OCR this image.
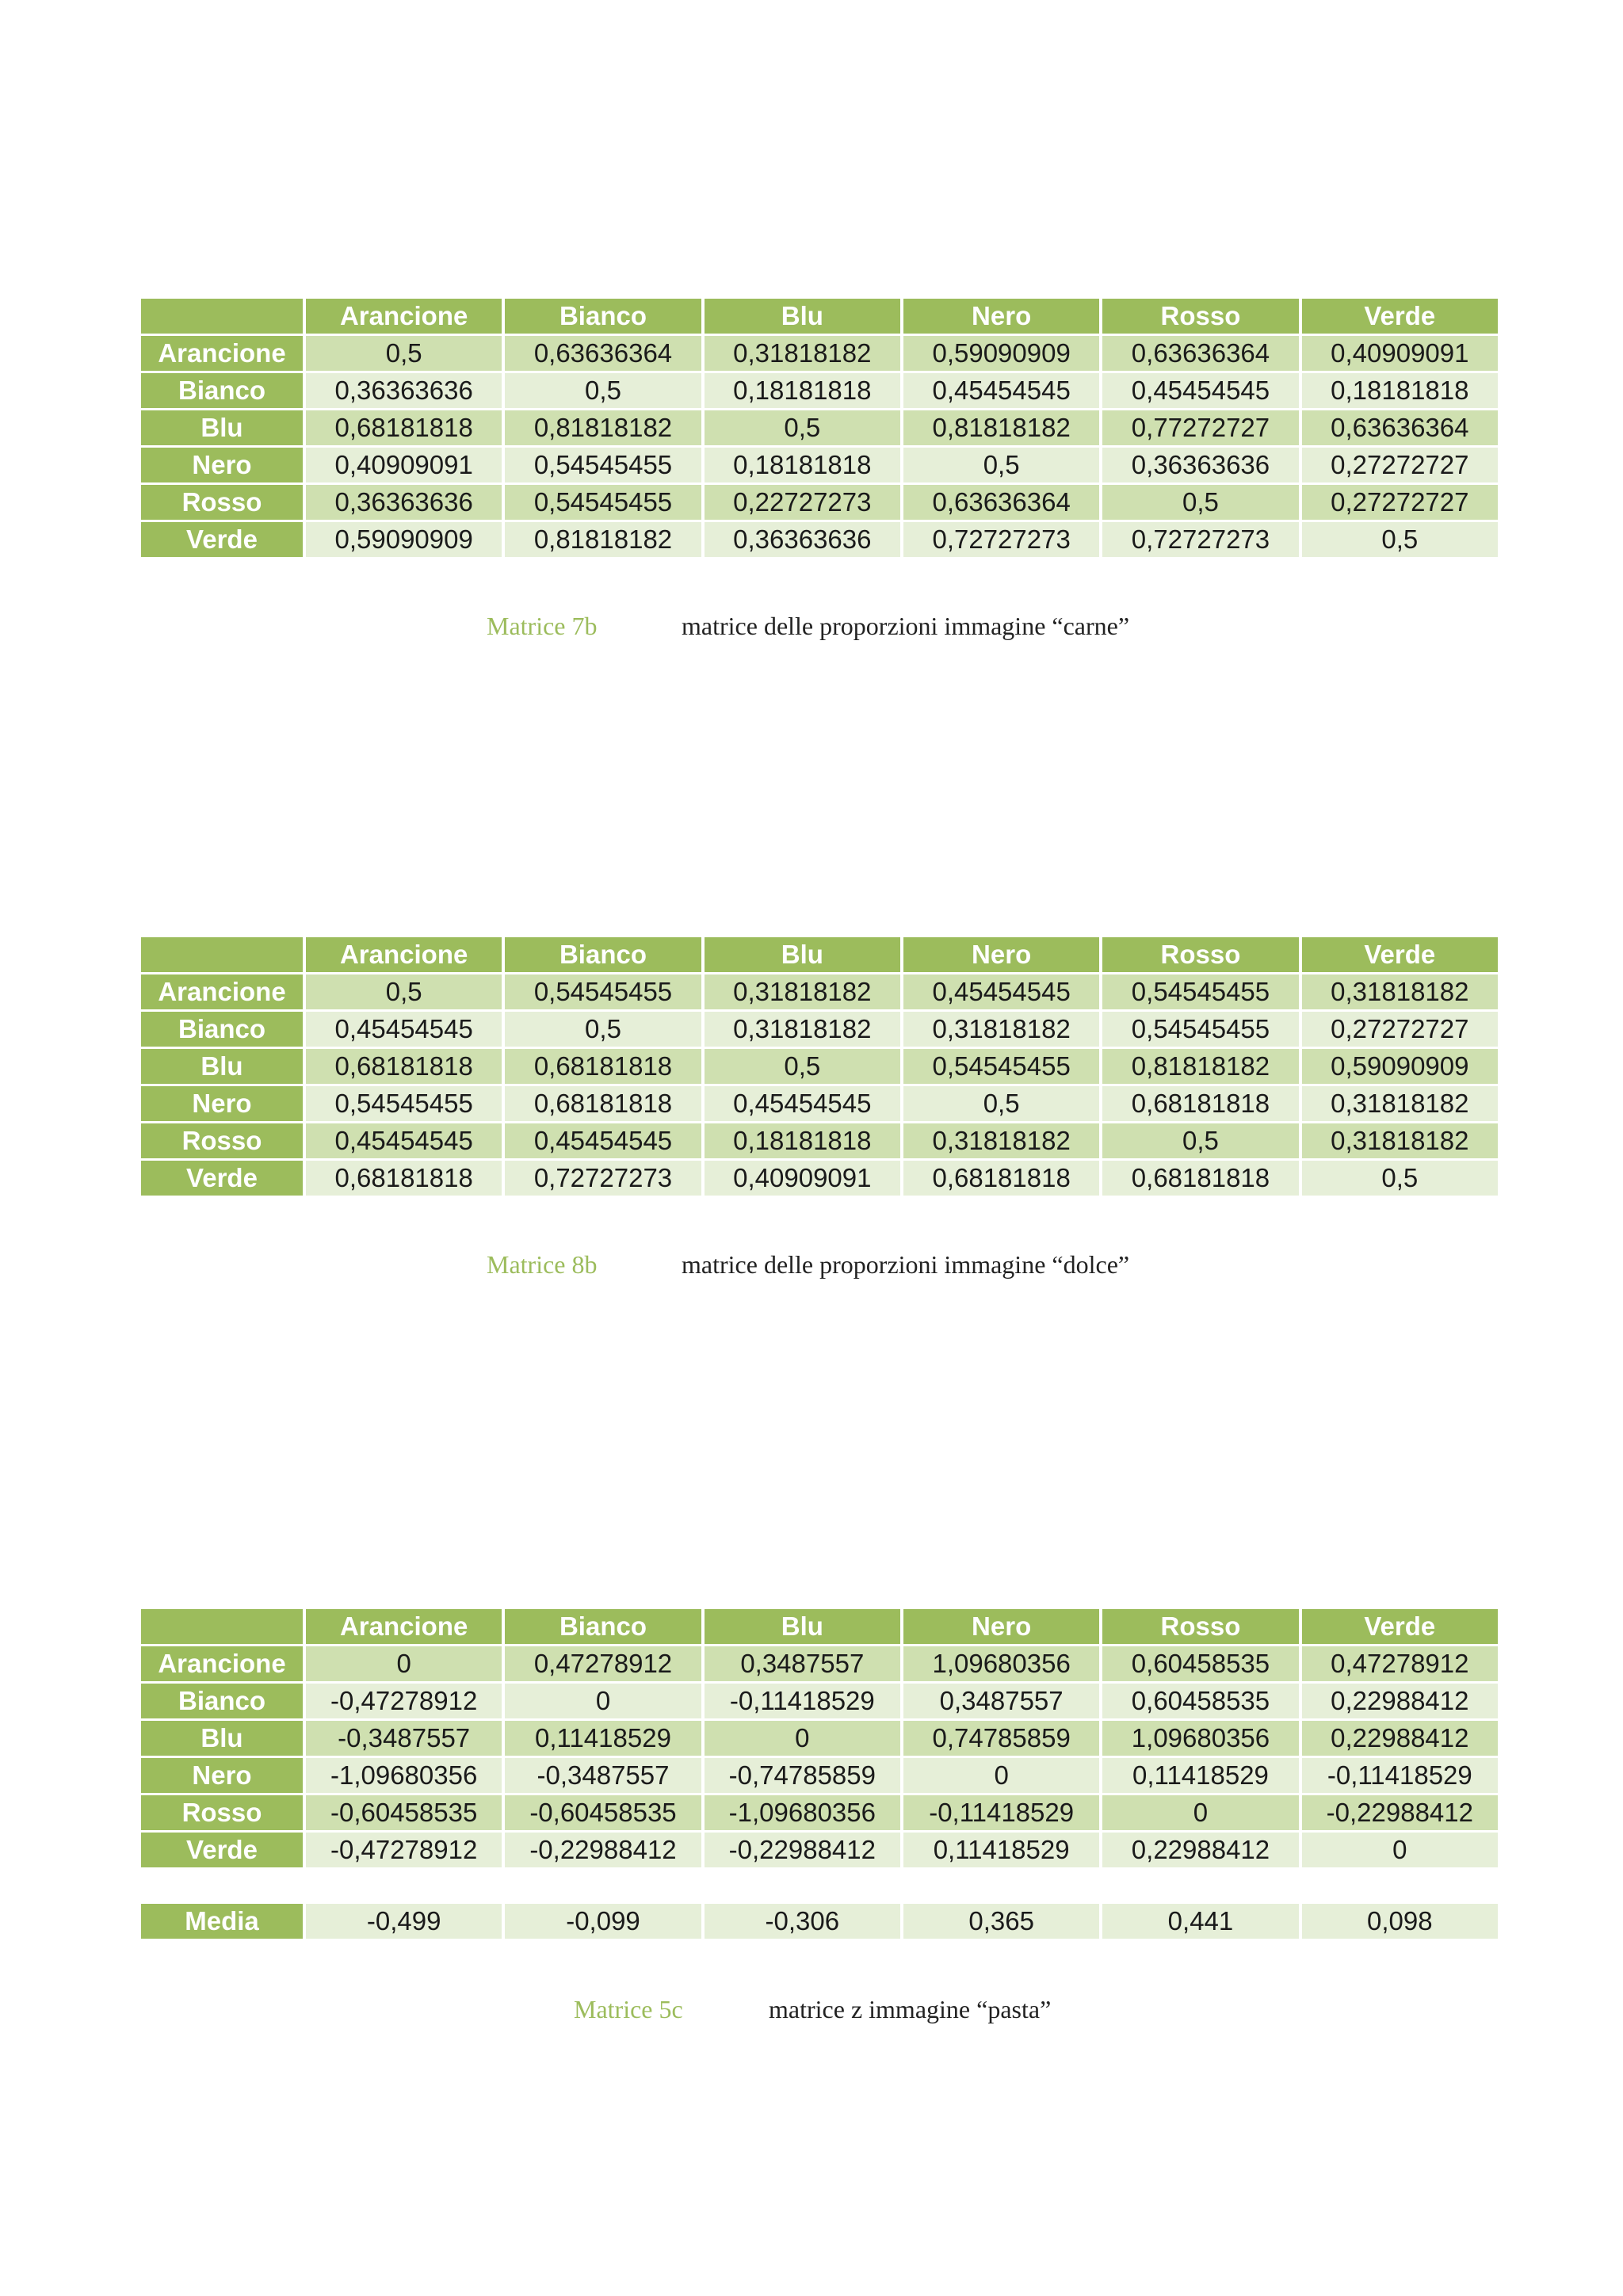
	Arancione	Bianco	Blu	Nero	Rosso	Verde
Arancione	0,5	0,63636364	0,31818182	0,59090909	0,63636364	0,40909091
Bianco	0,36363636	0,5	0,18181818	0,45454545	0,45454545	0,18181818
Blu	0,68181818	0,81818182	0,5	0,81818182	0,77272727	0,63636364
Nero	0,40909091	0,54545455	0,18181818	0,5	0,36363636	0,27272727
Rosso	0,36363636	0,54545455	0,22727273	0,63636364	0,5	0,27272727
Verde	0,59090909	0,81818182	0,36363636	0,72727273	0,72727273	0,5
Matrice 7b	matrice delle proporzioni immagine “carne”
	Arancione	Bianco	Blu	Nero	Rosso	Verde
Arancione	0,5	0,54545455	0,31818182	0,45454545	0,54545455	0,31818182
Bianco	0,45454545	0,5	0,31818182	0,31818182	0,54545455	0,27272727
Blu	0,68181818	0,68181818	0,5	0,54545455	0,81818182	0,59090909
Nero	0,54545455	0,68181818	0,45454545	0,5	0,68181818	0,31818182
Rosso	0,45454545	0,45454545	0,18181818	0,31818182	0,5	0,31818182
Verde	0,68181818	0,72727273	0,40909091	0,68181818	0,68181818	0,5
Matrice 8b	matrice delle proporzioni immagine “dolce”
	Arancione	Bianco	Blu	Nero	Rosso	Verde
Arancione	0	0,47278912	0,3487557	1,09680356	0,60458535	0,47278912
Bianco	-0,47278912	0	-0,11418529	0,3487557	0,60458535	0,22988412
Blu	-0,3487557	0,11418529	0	0,74785859	1,09680356	0,22988412
Nero	-1,09680356	-0,3487557	-0,74785859	0	0,11418529	-0,11418529
Rosso	-0,60458535	-0,60458535	-1,09680356	-0,11418529	0	-0,22988412
Verde	-0,47278912	-0,22988412	-0,22988412	0,11418529	0,22988412	0

Media	-0,499	-0,099	-0,306	0,365	0,441	0,098
Matrice 5c	matrice z immagine “pasta”
